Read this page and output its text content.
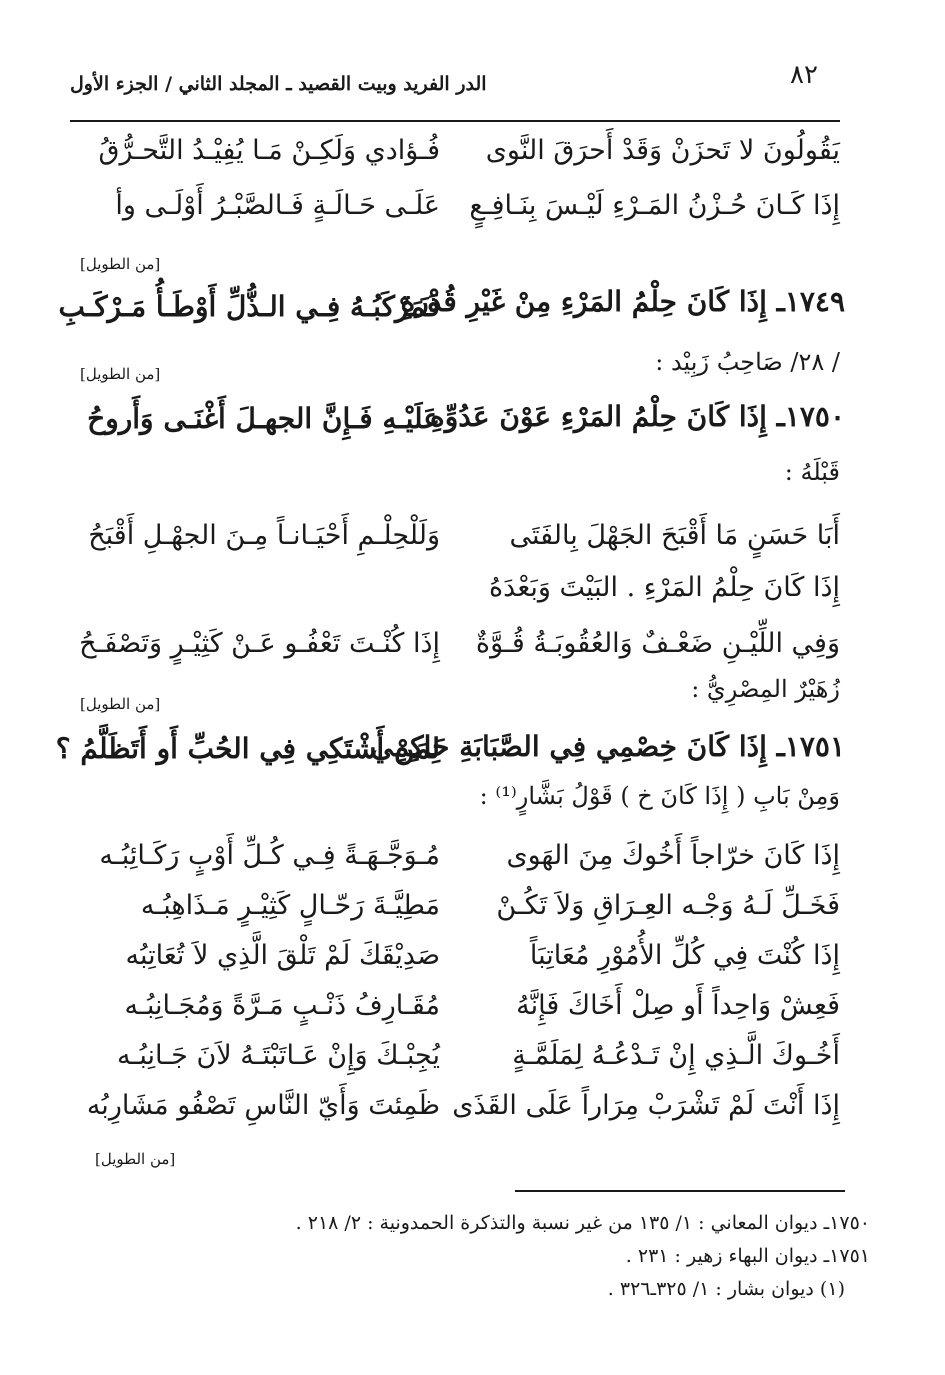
٨٢
الدر الفريد وبيت القصيد ـ المجلد الثاني / الجزء الأول
يَقُولُونَ لا تَحزَنْ وَقَدْ أَحرَقَ النَّوى
فُـؤادي وَلَكِـنْ مَـا يُفِيْـدُ التَّحـرُّقُ
إِذَا كَـانَ حُـزْنُ المَـرْءِ لَيْـسَ بِنَـافِـعٍ
عَلَـى حَـالَـةٍ فَـالصَّبْـرُ أَوْلَـى وأ
[من الطويل]
١٧٤٩ـ إِذَا كَانَ حِلْمُ المَرْءِ مِنْ غَيْرِ قُدْرَةٍ
فَمَرْكَبُـهُ فِـي الـذُّلِّ أَوْطَـأُ مَـرْكَـبِ
/ ٢٨/ صَاحِبُ زَبِيْد :
[من الطويل]
١٧٥٠ـ إِذَا كَانَ حِلْمُ المَرْءِ عَوْنَ عَدُوِّهِ
عَلَيْـهِ فَـإِنَّ الجهـلَ أَغْنَـى وَأَروحُ
قَبْلَهُ :
أَبَا حَسَنٍ مَا أَقْبَحَ الجَهْلَ بِالفَتَى
وَلَلْحِلْـمِ أَحْيَـانـاً مِـنَ الجهْـلِ أَقْبَحُ
إِذَا كَانَ حِلْمُ المَرْءِ . البَيْتَ وَبَعْدَهُ
وَفِي اللِّيْـنِ ضَعْـفٌ وَالعُقُوبَـةُ قُـوَّةٌ
إِذَا كُنْـتَ تَعْفُـو عَـنْ كَثِيْـرٍ وَتَصْفَـحُ
زُهَيْرٌ المِصْرِيُّ :
[من الطويل]
١٧٥١ـ إِذَا كَانَ خِصْمِي فِي الصَّبَابَةِ حَاكِمِي
لِمَنْ أَشْتَكِي فِي الحُبِّ أَو أَتَظَلَّمُ ؟
وَمِنْ بَابِ ( إِذَا كَانَ خ ) قَوْلُ بَشَّارٍ⁽¹⁾ :
إِذَا كَانَ خرّاجاً أَخُوكَ مِنَ الهَوى
مُـوَجَّـهَـةً فِـي كُـلِّ أَوْبٍ رَكَـائِبُـه
فَخَـلِّ لَـهُ وَجْـه العِـرَاقِ وَلاَ تَكُـنْ
مَطِيَّـةَ رَحّـالٍ كَثِيْـرٍ مَـذَاهِبُـه
إِذَا كُنْتَ فِي كُلِّ الأُمُوْرِ مُعَاتِبَاً
صَدِيْقَكَ لَمْ تَلْقَ الَّذِي لاَ تُعَاتِبُه
فَعِشْ وَاحِداً أَو صِلْ أَخَاكَ فَإِنَّهُ
مُقَـارِفُ ذَنْـبٍ مَـرَّةً وَمُجَـانِبُـه
أَخُـوكَ الَّـذِي إِنْ تَـدْعُـهُ لِمَلَمَّـةٍ
يُجِبْـكَ وَإِنْ عَـاتَبْتَـهُ لاَنَ جَـانِبُـه
إِذَا أَنْتَ لَمْ تَشْرَبْ مِرَاراً عَلَى القَذَى
ظَمِئتَ وَأَيّ النَّاسِ تَصْفُو مَشَارِبُه
[من الطويل]
١٧٥٠ـ ديوان المعاني : ١/ ١٣٥ من غير نسبة والتذكرة الحمدونية : ٢/ ٢١٨ .
١٧٥١ـ ديوان البهاء زهير : ٢٣١ .
(١) ديوان بشار : ١/ ٣٢٥ـ٣٢٦ .
